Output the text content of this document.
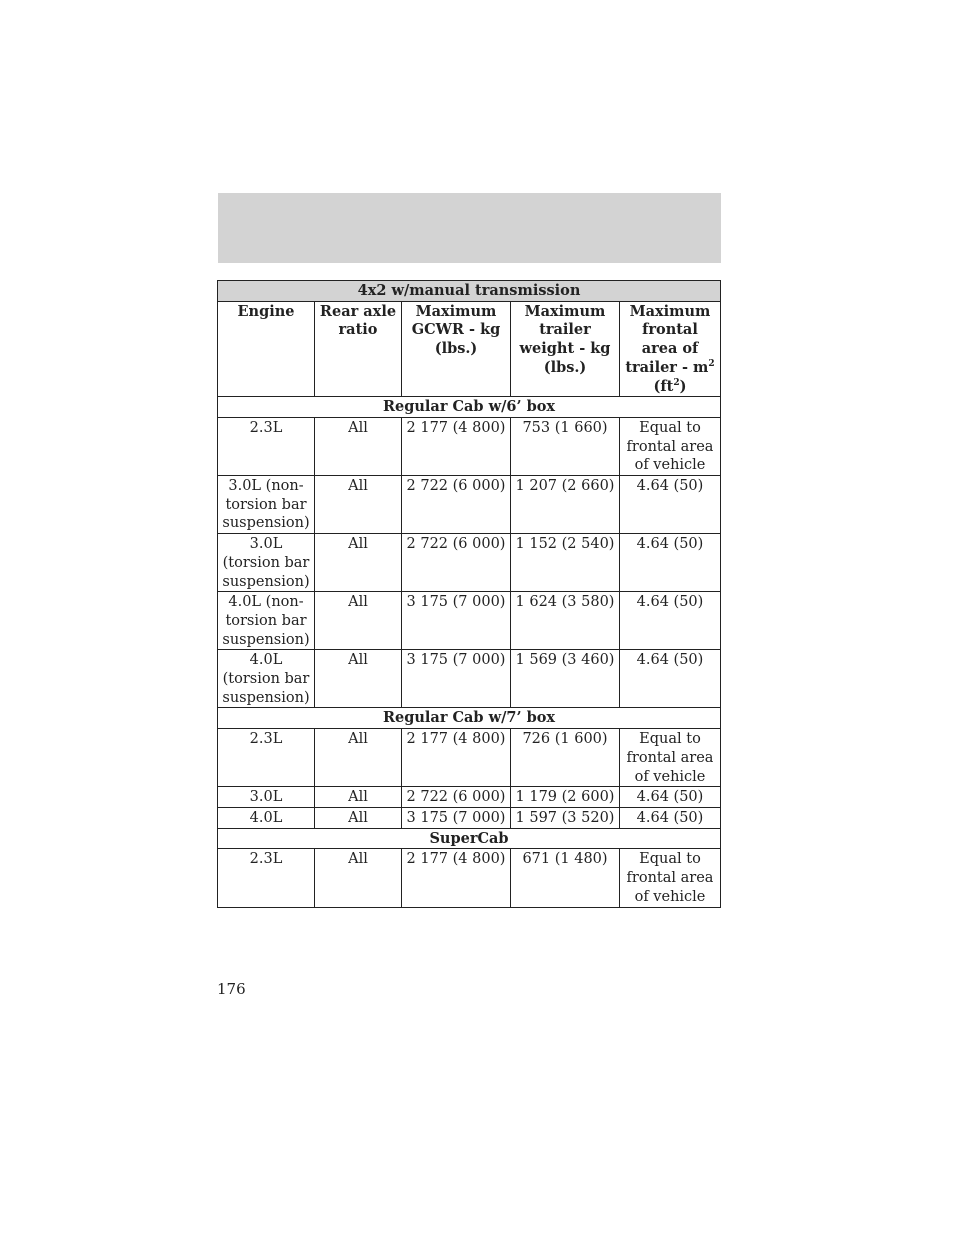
4x2 w/manual transmission				
Engine	Rear axle ratio	Maximum GCWR - kg (lbs.)	Maximum trailer weight - kg (lbs.)	Maximum frontal area of trailer - $m^2$ $(ft^2)$
Regular Cab w/6’ box				
2.3L	All	2 177 (4 800)	753 (1 660)	Equal to frontal area of vehicle
3.0L (non-torsion bar suspension)	All	2 722 (6 000)	1 207 (2 660)	4.64 (50)
3.0L (torsion bar suspension)	All	2 722 (6 000)	1 152 (2 540)	4.64 (50)
4.0L (non-torsion bar suspension)	All	3 175 (7 000)	1 624 (3 580)	4.64 (50)
4.0L (torsion bar suspension)	All	3 175 (7 000)	1 569 (3 460)	4.64 (50)
Regular Cab w/7’ box				
2.3L	All	2 177 (4 800)	726 (1 600)	Equal to frontal area of vehicle
3.0L	All	2 722 (6 000)	1 179 (2 600)	4.64 (50)
4.0L	All	3 175 (7 000)	1 597 (3 520)	4.64 (50)
SuperCab				
2.3L	All	2 177 (4 800)	671 (1 480)	Equal to frontal area of vehicle
176
